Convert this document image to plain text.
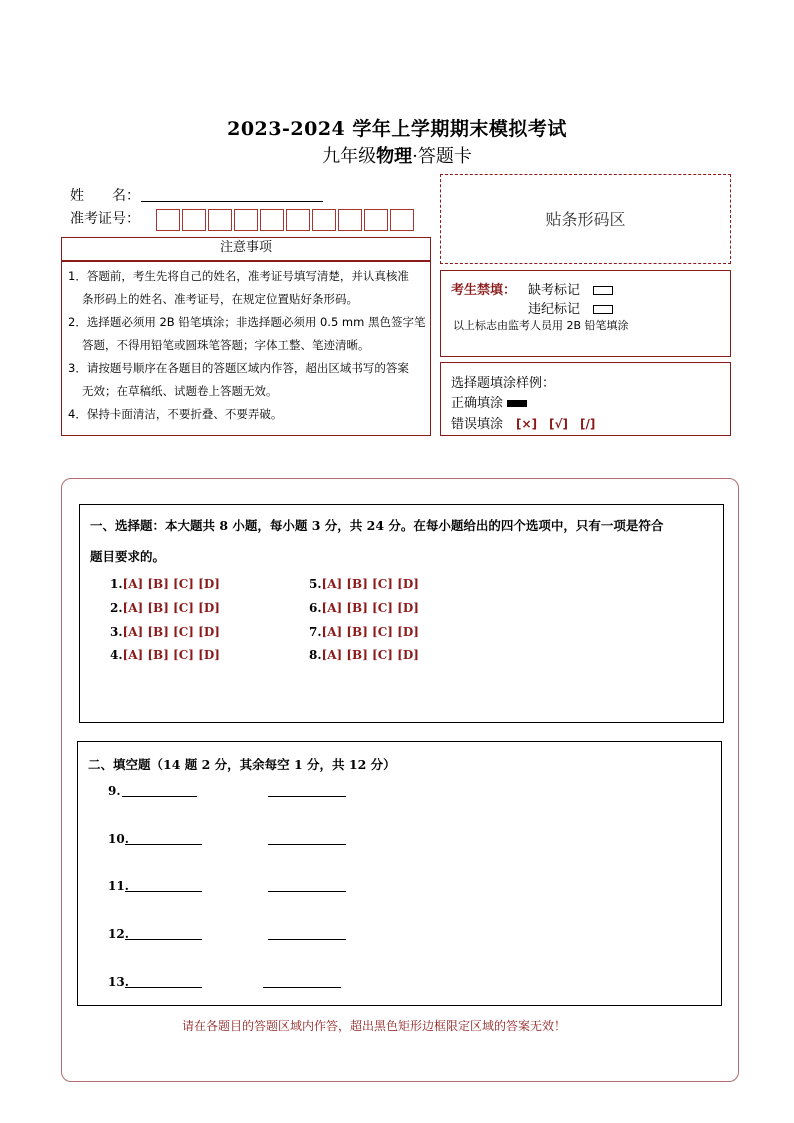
2023-2024 学年上学期期末模拟考试
九年级物理·答题卡
姓　　名：
准考证号：	贴条形码区
注意事项
1．答题前，考生先将自己的姓名，准考证号填写清楚，并认真核准
条形码上的姓名、准考证号，在规定位置贴好条形码。
2．选择题必须用 2B 铅笔填涂；非选择题必须用 0.5 mm 黑色签字笔
答题，不得用铅笔或圆珠笔答题；字体工整、笔迹清晰。
3．请按题号顺序在各题目的答题区域内作答，超出区域书写的答案
无效；在草稿纸、试题卷上答题无效。
4．保持卡面清洁，不要折叠、不要弄破。
考生禁填： 缺考标记　
违纪标记　
以上标志由监考人员用 2B 铅笔填涂
选择题填涂样例：
正确填涂
错误填涂　 [×]　[√]　[/]
一、选择题：本大题共 8 小题，每小题 3 分，共 24 分。在每小题给出的四个选项中，只有一项是符合
题目要求的。
1.[A] [B] [C] [D]
2.[A] [B] [C] [D]
3.[A] [B] [C] [D]
4.[A] [B] [C] [D]
5.[A] [B] [C] [D]
6.[A] [B] [C] [D]
7.[A] [B] [C] [D]
8.[A] [B] [C] [D]
二、填空题（14 题 2 分，其余每空 1 分，共 12 分）
9.
10.
11.
12.
13.
请在各题目的答题区域内作答，超出黑色矩形边框限定区域的答案无效！
